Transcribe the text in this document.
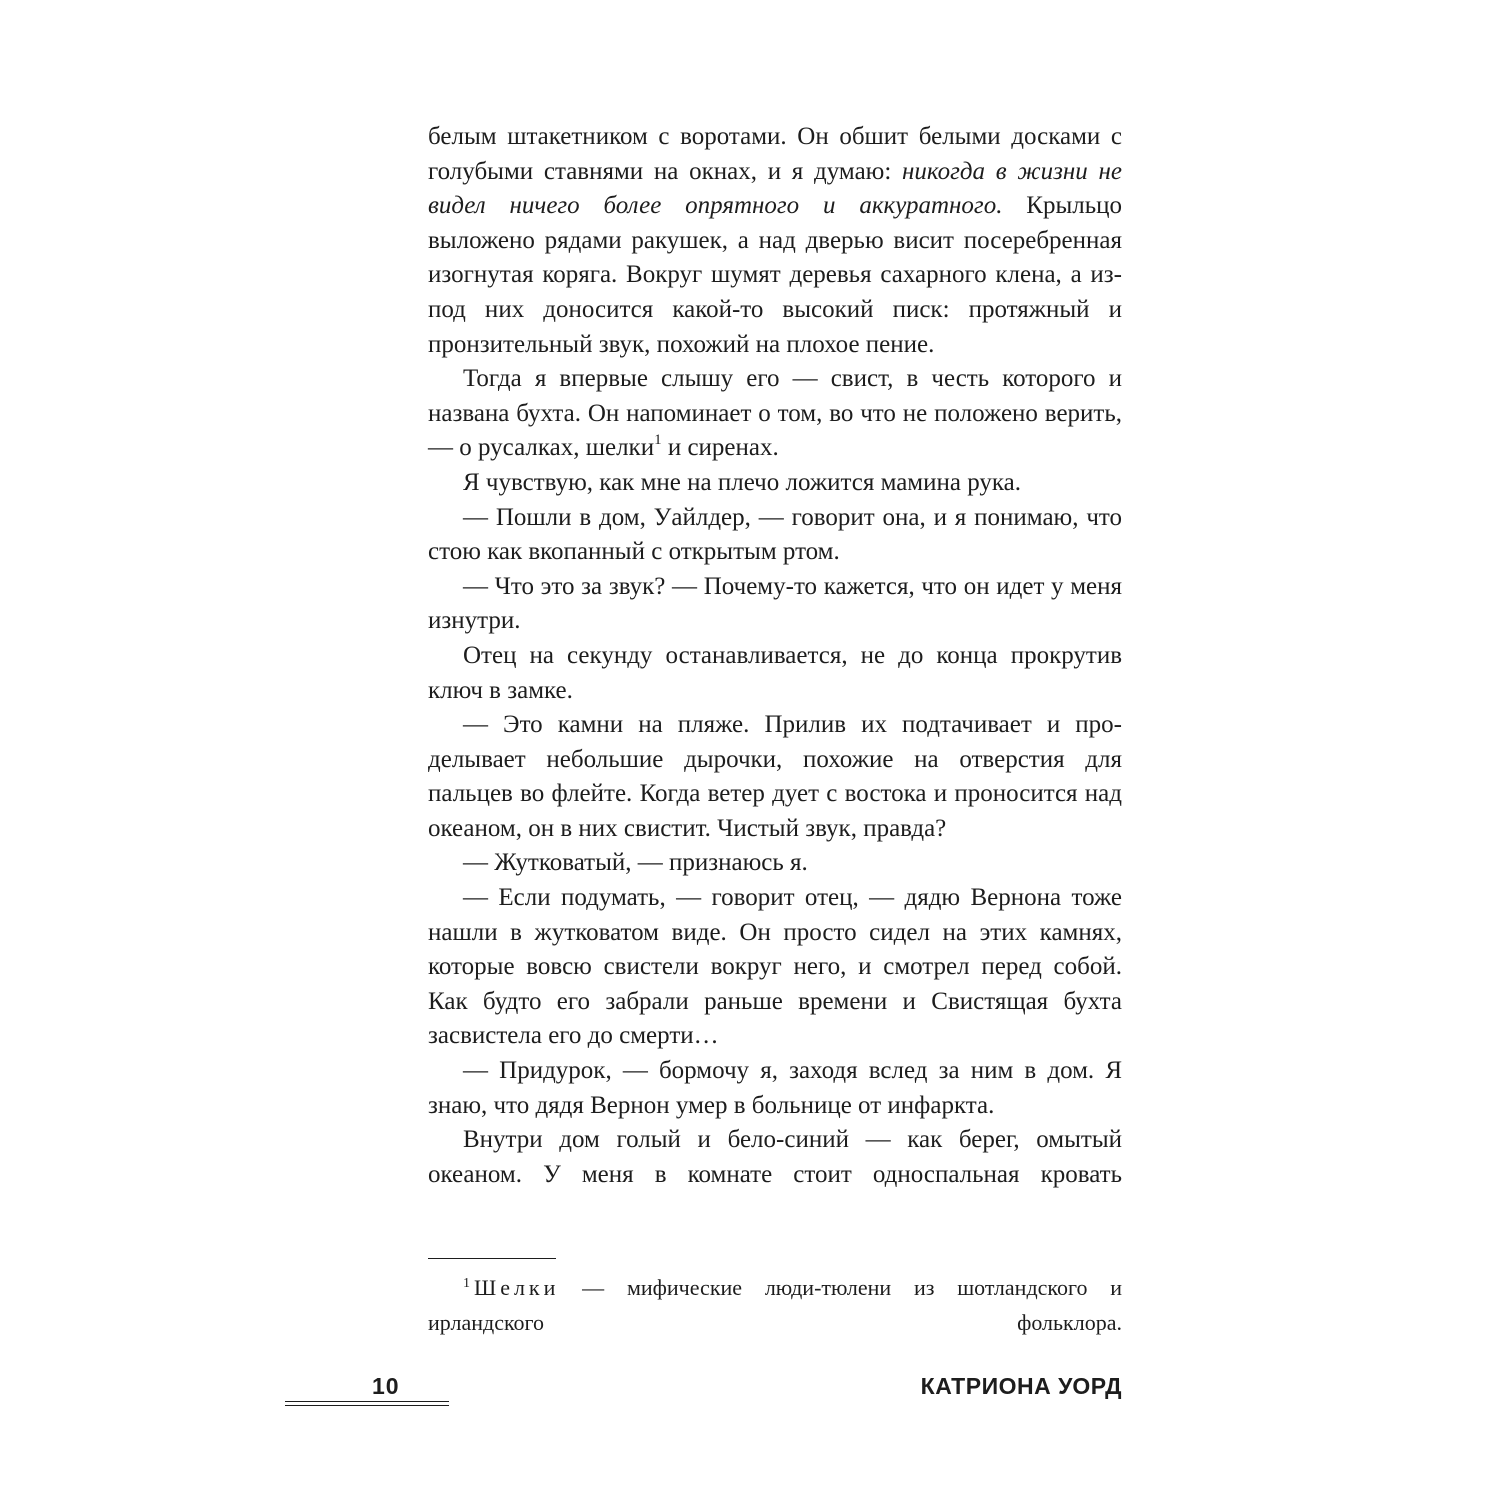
белым штакетником с воротами. Он обшит белыми досками с голубыми ставнями на окнах, и я думаю: никогда в жизни не видел ничего более опрятного и аккуратного. Крыльцо выложено рядами ракушек, а над дверью висит посеребренная изогнутая коряга. Вокруг шумят деревья сахарного клена, а из-под них доносится какой-то высокий писк: протяжный и пронзительный звук, похожий на плохое пение.

Тогда я впервые слышу его — свист, в честь которого и названа бухта. Он напоминает о том, во что не положено верить, — о русалках, шелки$^1$ и сиренах.

Я чувствую, как мне на плечо ложится мамина рука.

— Пошли в дом, Уайлдер, — говорит она, и я понимаю, что стою как вкопанный с открытым ртом.

— Что это за звук? — Почему-то кажется, что он идет у меня изнутри.

Отец на секунду останавливается, не до конца прокрутив ключ в замке.

— Это камни на пляже. Прилив их подтачивает и проделывает небольшие дырочки, похожие на отверстия для пальцев во флейте. Когда ветер дует с востока и проносится над океаном, он в них свистит. Чистый звук, правда?

— Жутковатый, — признаюсь я.

— Если подумать, — говорит отец, — дядю Вернона тоже нашли в жутковатом виде. Он просто сидел на этих камнях, которые вовсю свистели вокруг него, и смотрел перед собой. Как будто его забрали раньше времени и Свистящая бухта засвистела его до смерти…

— Придурок, — бормочу я, заходя вслед за ним в дом. Я знаю, что дядя Вернон умер в больнице от инфаркта.

Внутри дом голый и бело-синий — как берег, омытый океаном. У меня в комнате стоит односпальная кровать

$^1$ Шелки — мифические люди-тюлени из шотландского и ирландского фольклора.
10	КАТРИОНА УОРД
